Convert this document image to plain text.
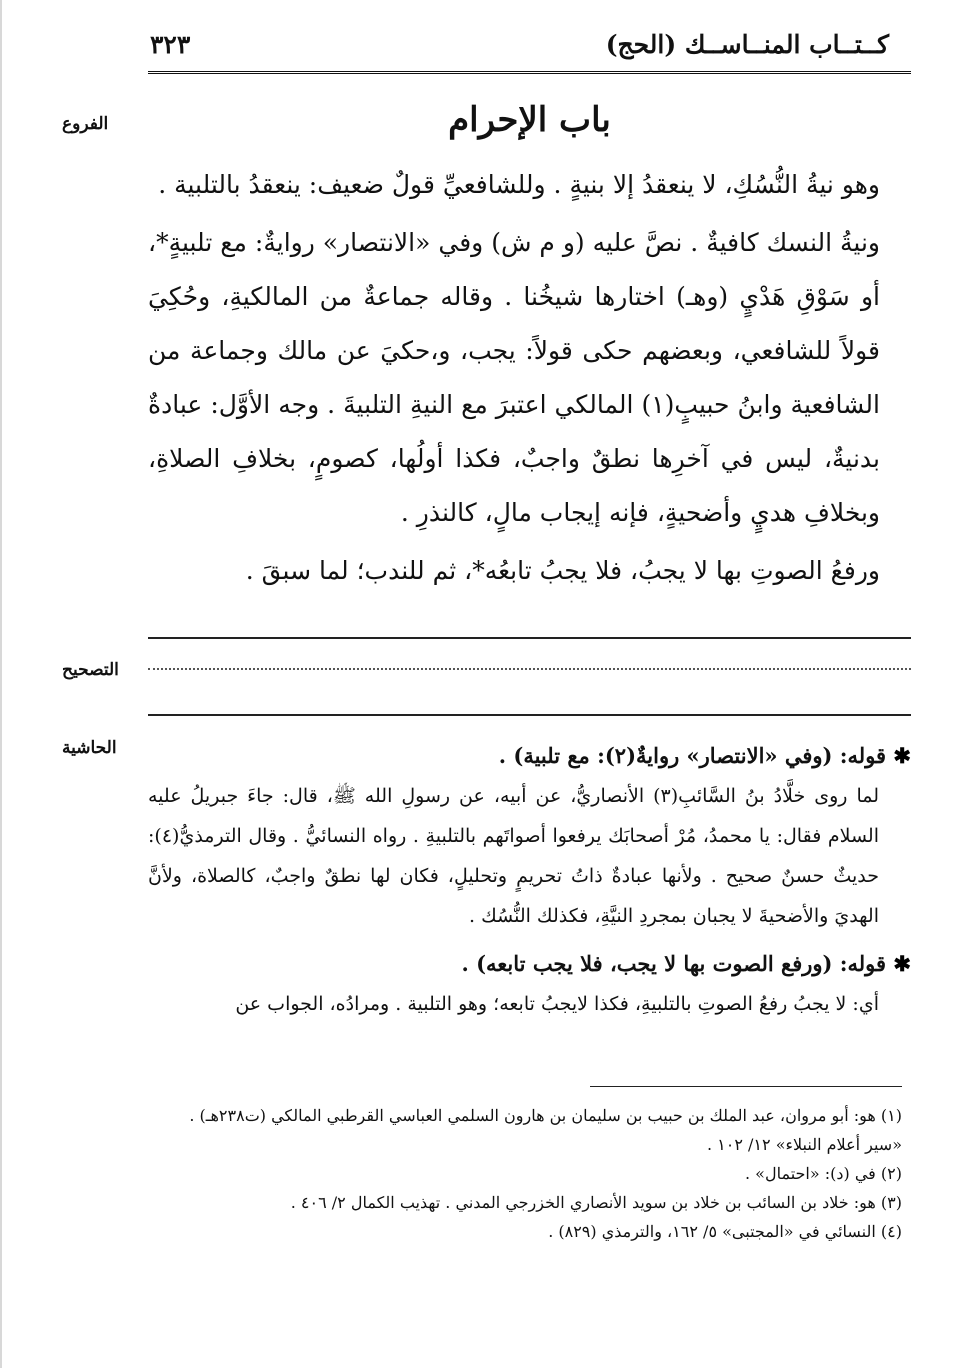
كــتــاب المنــاســك (الحج)
٣٢٣
الفروع
التصحيح
الحاشية
باب الإحرام

وهو نيةُ النُّسُكِ، لا ينعقدُ إلا بنيةٍ . وللشافعيِّ قولٌ ضعيف: ينعقدُ بالتلبية .

ونيةُ النسك كافيةٌ . نصَّ عليه (و م ش) وفي «الانتصار» روايةٌ: مع تلبيةٍ*، أو سَوْقِ هَدْيٍ (وهـ) اختارها شيخُنا . وقاله جماعةٌ من المالكيةِ، وحُكِيَ قولاً للشافعي، وبعضهم حكى قولاً: يجب، و،حكيَ عن مالك وجماعة من الشافعية وابنُ حبيبٍ(١) المالكي اعتبرَ مع النيةِ التلبيةَ . وجه الأوَّل: عبادةٌ بدنيةٌ، ليس في آخرِها نطقٌ واجبٌ، فكذا أولُها، كصومٍ، بخلافِ الصلاةِ، وبخلافِ هديٍ وأضحيةٍ، فإنه إيجاب مالٍ، كالنذرِ .

ورفعُ الصوتِ بها لا يجبُ، فلا يجبُ تابعُه*، ثم للندب؛ لما سبقَ .

✱ قوله: (وفي «الانتصار» روايةٌ(٢): مع تلبية) .

لما روى خلَّادُ بنُ السَّائبِ(٣) الأنصاريُّ، عن أبيه، عن رسولِ الله ﷺ، قال: جاءَ جبريلُ عليه السلام فقال: يا محمدُ، مُرْ أصحابَك يرفعوا أصواتَهم بالتلبيةِ . رواه النسائيُّ . وقال الترمذيُّ(٤): حديثٌ حسنٌ صحيح . ولأنها عبادةٌ ذاتُ تحريمٍ وتحليلٍ، فكان لها نطقٌ واجبٌ، كالصلاة، ولأنَّ الهديَ والأضحيةَ لا يجبان بمجردِ النيَّةِ، فكذلك النُّسُك .

✱ قوله: (ورفع الصوت بها لا يجب، فلا يجب تابعه) .

أي: لا يجبُ رفعُ الصوتِ بالتلبيةِ، فكذا لايجبُ تابعه؛ وهو التلبية . ومرادُه، الجواب عن

(١) هو: أبو مروان، عبد الملك بن حبيب بن سليمان بن هارون السلمي العباسي القرطبي المالكي (ت٢٣٨هـ) . «سير أعلام النبلاء» ١٢/ ١٠٢ .

(٢) في (د): «احتمال» .

(٣) هو: خلاد بن السائب بن خلاد بن سويد الأنصاري الخزرجي المدني . تهذيب الكمال ٢/ ٤٠٦ .

(٤) النسائي في «المجتبى» ٥/ ١٦٢، والترمذي (٨٢٩) .
